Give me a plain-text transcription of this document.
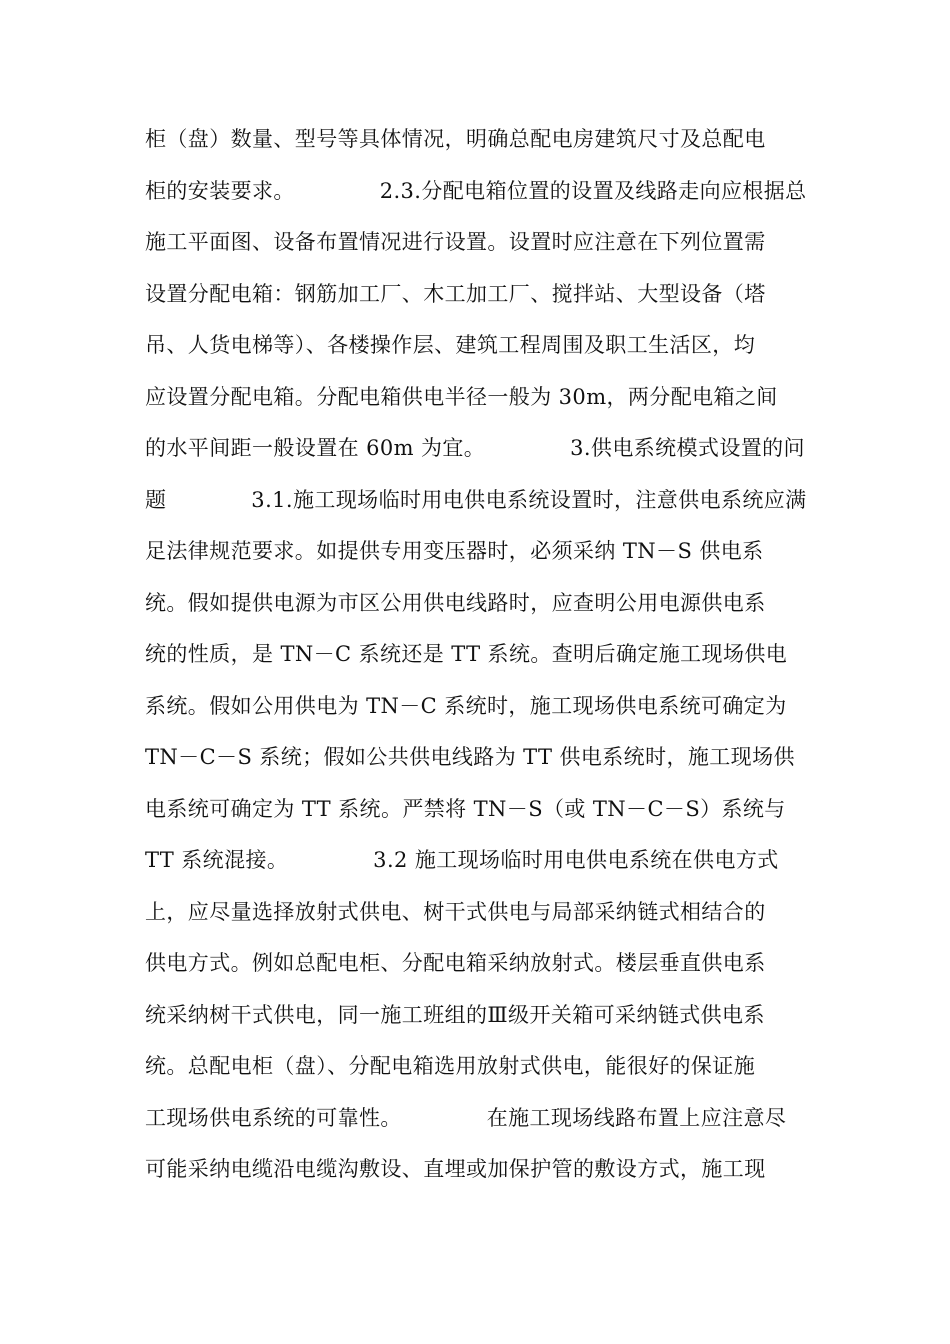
柜（盘）数量、型号等具体情况，明确总配电房建筑尺寸及总配电
柜的安装要求。            2.3.分配电箱位置的设置及线路走向应根据总
施工平面图、设备布置情况进行设置。设置时应注意在下列位置需
设置分配电箱：钢筋加工厂、木工加工厂、搅拌站、大型设备（塔
吊、人货电梯等）、各楼操作层、建筑工程周围及职工生活区，均
应设置分配电箱。分配电箱供电半径一般为 30m，两分配电箱之间
的水平间距一般设置在 60m 为宜。            3.供电系统模式设置的问
题            3.1.施工现场临时用电供电系统设置时，注意供电系统应满
足法律规范要求。如提供专用变压器时，必须采纳 TN－S 供电系
统。假如提供电源为市区公用供电线路时，应查明公用电源供电系
统的性质，是 TN－C 系统还是 TT 系统。查明后确定施工现场供电
系统。假如公用供电为 TN－C 系统时，施工现场供电系统可确定为
TN－C－S 系统；假如公共供电线路为 TT 供电系统时，施工现场供
电系统可确定为 TT 系统。严禁将 TN－S（或 TN－C－S）系统与
TT 系统混接。            3.2 施工现场临时用电供电系统在供电方式
上，应尽量选择放射式供电、树干式供电与局部采纳链式相结合的
供电方式。例如总配电柜、分配电箱采纳放射式。楼层垂直供电系
统采纳树干式供电，同一施工班组的Ⅲ级开关箱可采纳链式供电系
统。总配电柜（盘）、分配电箱选用放射式供电，能很好的保证施
工现场供电系统的可靠性。            在施工现场线路布置上应注意尽
可能采纳电缆沿电缆沟敷设、直埋或加保护管的敷设方式，施工现
